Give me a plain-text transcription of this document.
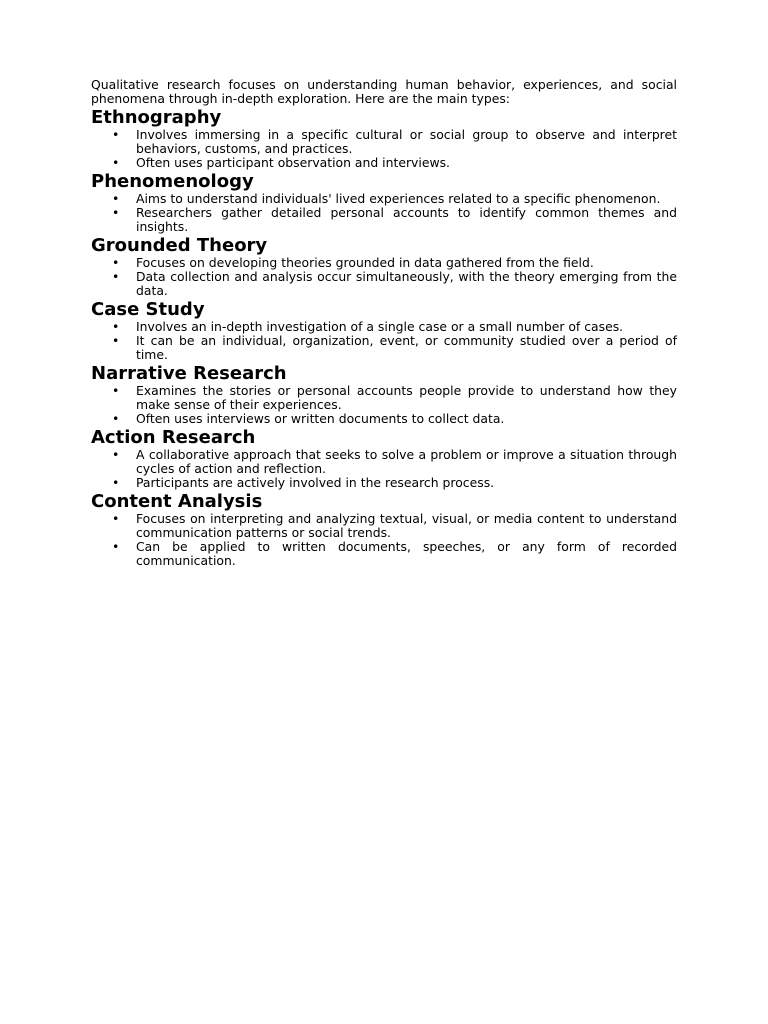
Qualitative research focuses on understanding human behavior, experiences, and social phenomena through in-depth exploration. Here are the main types:

Ethnography
• Involves immersing in a specific cultural or social group to observe and interpret behaviors, customs, and practices.
• Often uses participant observation and interviews.
Phenomenology
• Aims to understand individuals' lived experiences related to a specific phenomenon.
• Researchers gather detailed personal accounts to identify common themes and insights.
Grounded Theory
• Focuses on developing theories grounded in data gathered from the field.
• Data collection and analysis occur simultaneously, with the theory emerging from the data.
Case Study
• Involves an in-depth investigation of a single case or a small number of cases.
• It can be an individual, organization, event, or community studied over a period of time.
Narrative Research
• Examines the stories or personal accounts people provide to understand how they make sense of their experiences.
• Often uses interviews or written documents to collect data.
Action Research
• A collaborative approach that seeks to solve a problem or improve a situation through cycles of action and reflection.
• Participants are actively involved in the research process.
Content Analysis
• Focuses on interpreting and analyzing textual, visual, or media content to understand communication patterns or social trends.
• Can be applied to written documents, speeches, or any form of recorded communication.
